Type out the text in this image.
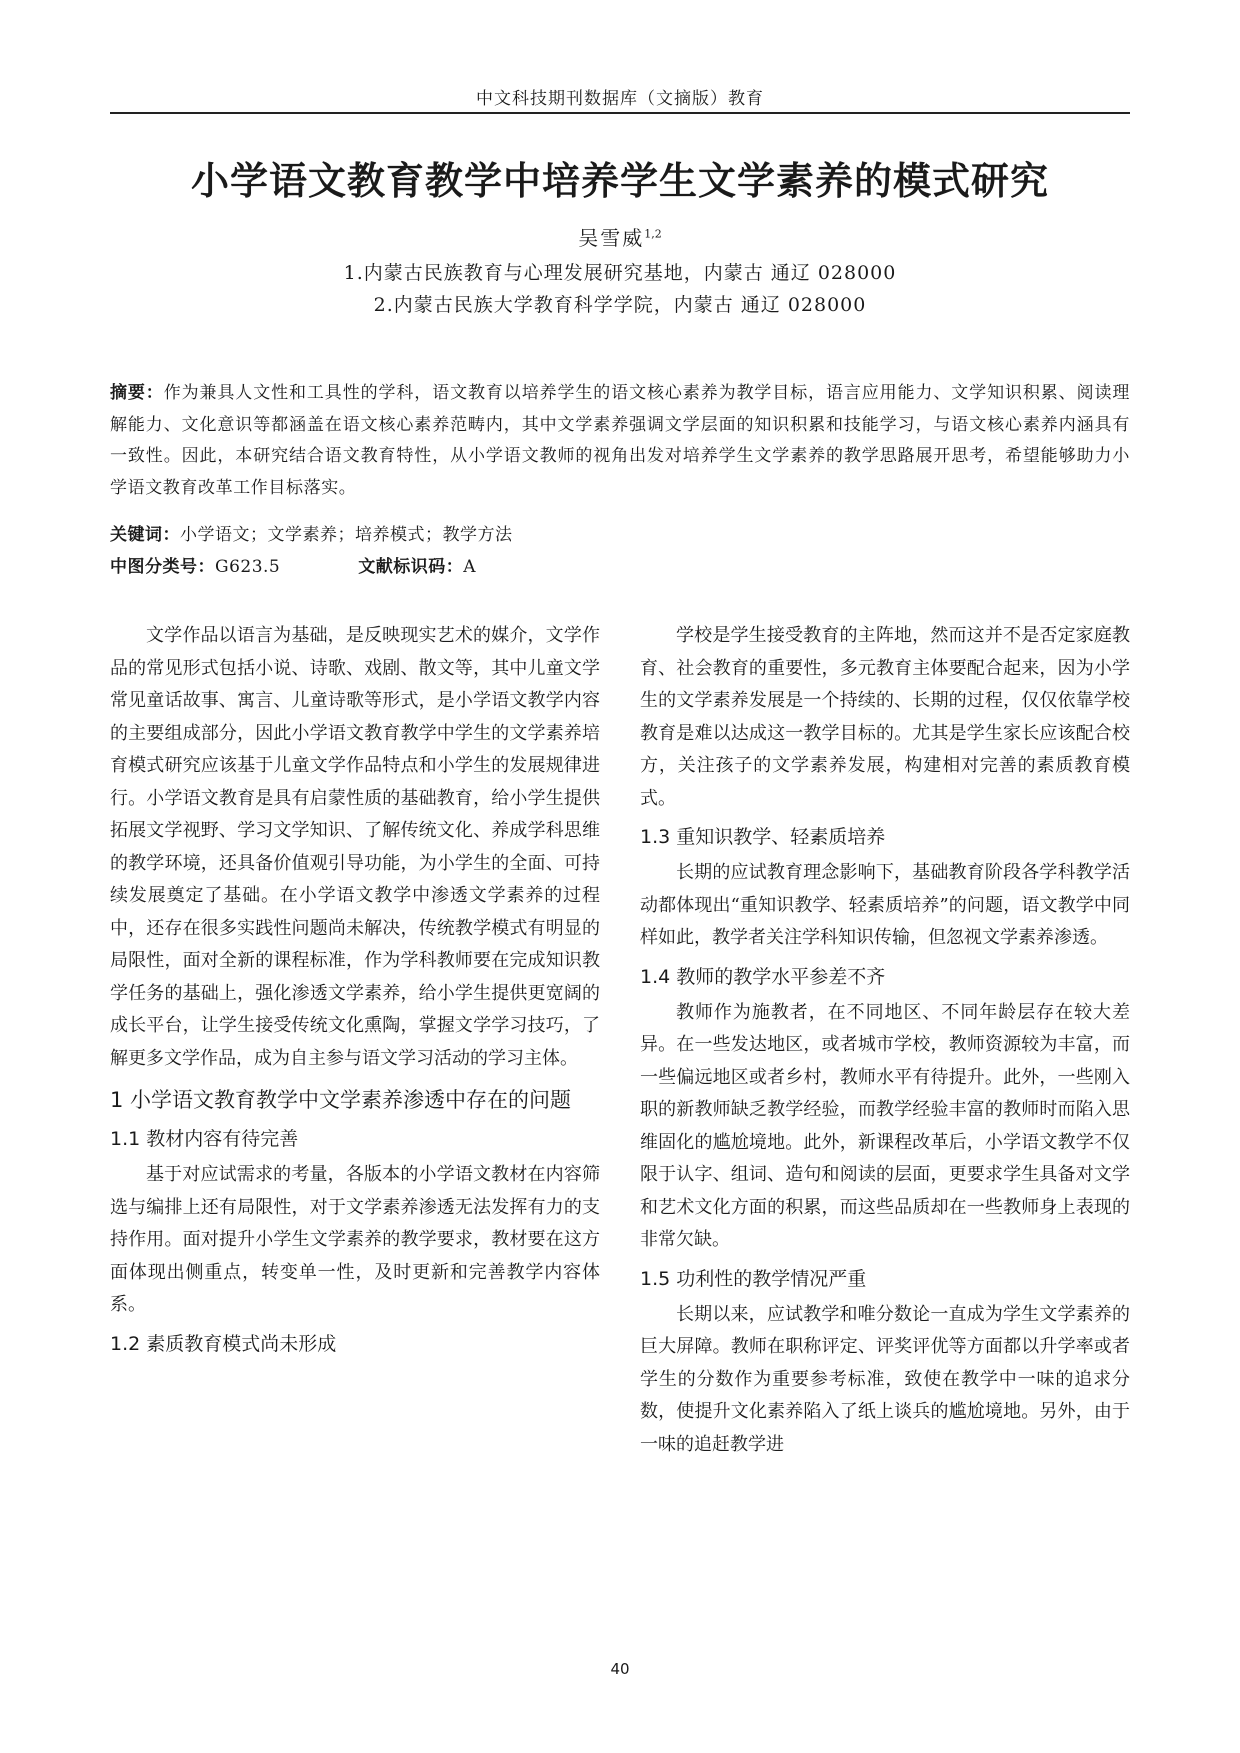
中文科技期刊数据库（文摘版）教育
小学语文教育教学中培养学生文学素养的模式研究
吴雪威$^{1,2}$
1.内蒙古民族教育与心理发展研究基地，内蒙古 通辽 028000
2.内蒙古民族大学教育科学学院，内蒙古 通辽 028000
摘要：作为兼具人文性和工具性的学科，语文教育以培养学生的语文核心素养为教学目标，语言应用能力、文学知识积累、阅读理解能力、文化意识等都涵盖在语文核心素养范畴内，其中文学素养强调文学层面的知识积累和技能学习，与语文核心素养内涵具有一致性。因此，本研究结合语文教育特性，从小学语文教师的视角出发对培养学生文学素养的教学思路展开思考，希望能够助力小学语文教育改革工作目标落实。
关键词：小学语文；文学素养；培养模式；教学方法
中图分类号：G623.5	文献标识码：A

文学作品以语言为基础，是反映现实艺术的媒介，文学作品的常见形式包括小说、诗歌、戏剧、散文等，其中儿童文学常见童话故事、寓言、儿童诗歌等形式，是小学语文教学内容的主要组成部分，因此小学语文教育教学中学生的文学素养培育模式研究应该基于儿童文学作品特点和小学生的发展规律进行。小学语文教育是具有启蒙性质的基础教育，给小学生提供拓展文学视野、学习文学知识、了解传统文化、养成学科思维的教学环境，还具备价值观引导功能，为小学生的全面、可持续发展奠定了基础。在小学语文教学中渗透文学素养的过程中，还存在很多实践性问题尚未解决，传统教学模式有明显的局限性，面对全新的课程标准，作为学科教师要在完成知识教学任务的基础上，强化渗透文学素养，给小学生提供更宽阔的成长平台，让学生接受传统文化熏陶，掌握文学学习技巧，了解更多文学作品，成为自主参与语文学习活动的学习主体。

1 小学语文教育教学中文学素养渗透中存在的问题
1.1 教材内容有待完善

基于对应试需求的考量，各版本的小学语文教材在内容筛选与编排上还有局限性，对于文学素养渗透无法发挥有力的支持作用。面对提升小学生文学素养的教学要求，教材要在这方面体现出侧重点，转变单一性，及时更新和完善教学内容体系。

1.2 素质教育模式尚未形成

学校是学生接受教育的主阵地，然而这并不是否定家庭教育、社会教育的重要性，多元教育主体要配合起来，因为小学生的文学素养发展是一个持续的、长期的过程，仅仅依靠学校教育是难以达成这一教学目标的。尤其是学生家长应该配合校方，关注孩子的文学素养发展，构建相对完善的素质教育模式。

1.3 重知识教学、轻素质培养

长期的应试教育理念影响下，基础教育阶段各学科教学活动都体现出“重知识教学、轻素质培养”的问题，语文教学中同样如此，教学者关注学科知识传输，但忽视文学素养渗透。

1.4 教师的教学水平参差不齐

教师作为施教者，在不同地区、不同年龄层存在较大差异。在一些发达地区，或者城市学校，教师资源较为丰富，而一些偏远地区或者乡村，教师水平有待提升。此外，一些刚入职的新教师缺乏教学经验，而教学经验丰富的教师时而陷入思维固化的尴尬境地。此外，新课程改革后，小学语文教学不仅限于认字、组词、造句和阅读的层面，更要求学生具备对文学和艺术文化方面的积累，而这些品质却在一些教师身上表现的非常欠缺。

1.5 功利性的教学情况严重

长期以来，应试教学和唯分数论一直成为学生文学素养的巨大屏障。教师在职称评定、评奖评优等方面都以升学率或者学生的分数作为重要参考标准，致使在教学中一味的追求分数，使提升文化素养陷入了纸上谈兵的尴尬境地。另外，由于一味的追赶教学进

40
